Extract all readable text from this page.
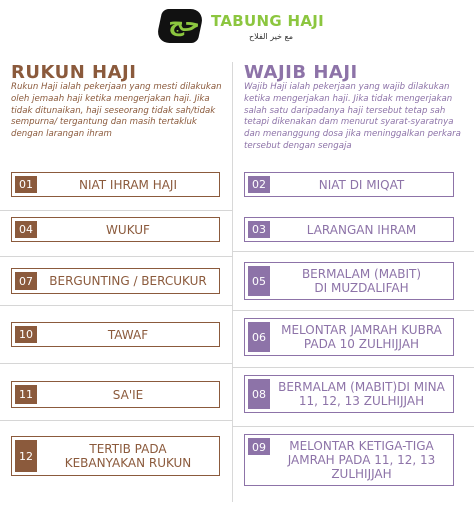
حج TABUNG HAJI
ﻣﻊ ﺧﻴﺮ ﺍﻟﻔﻼﺡ
RUKUN HAJI
Rukun Haji ialah pekerjaan yang mesti dilakukan oleh jemaah haji ketika mengerjakan haji. Jika tidak ditunaikan, haji seseorang tidak sah/tidak sempurna/ tergantung dan masih tertakluk dengan larangan ihram
01	NIAT IHRAM HAJI
04	WUKUF
07	BERGUNTING / BERCUKUR
10	TAWAF
11	SA'IE
12	TERTIB PADA
KEBANYAKAN RUKUN
WAJIB HAJI
Wajib Haji ialah pekerjaan yang wajib dilakukan ketika mengerjakan haji. Jika tidak mengerjakan salah satu daripadanya haji tersebut tetap sah tetapi dikenakan dam menurut syarat-syaratnya dan menanggung dosa jika meninggalkan perkara tersebut dengan sengaja
02	NIAT DI MIQAT
03	LARANGAN IHRAM
05	BERMALAM (MABIT)
DI MUZDALIFAH
06	MELONTAR JAMRAH KUBRA
PADA 10 ZULHIJJAH
08	BERMALAM (MABIT)DI MINA
11, 12, 13 ZULHIJJAH
09	MELONTAR KETIGA-TIGA
JAMRAH PADA 11, 12, 13
ZULHIJJAH
